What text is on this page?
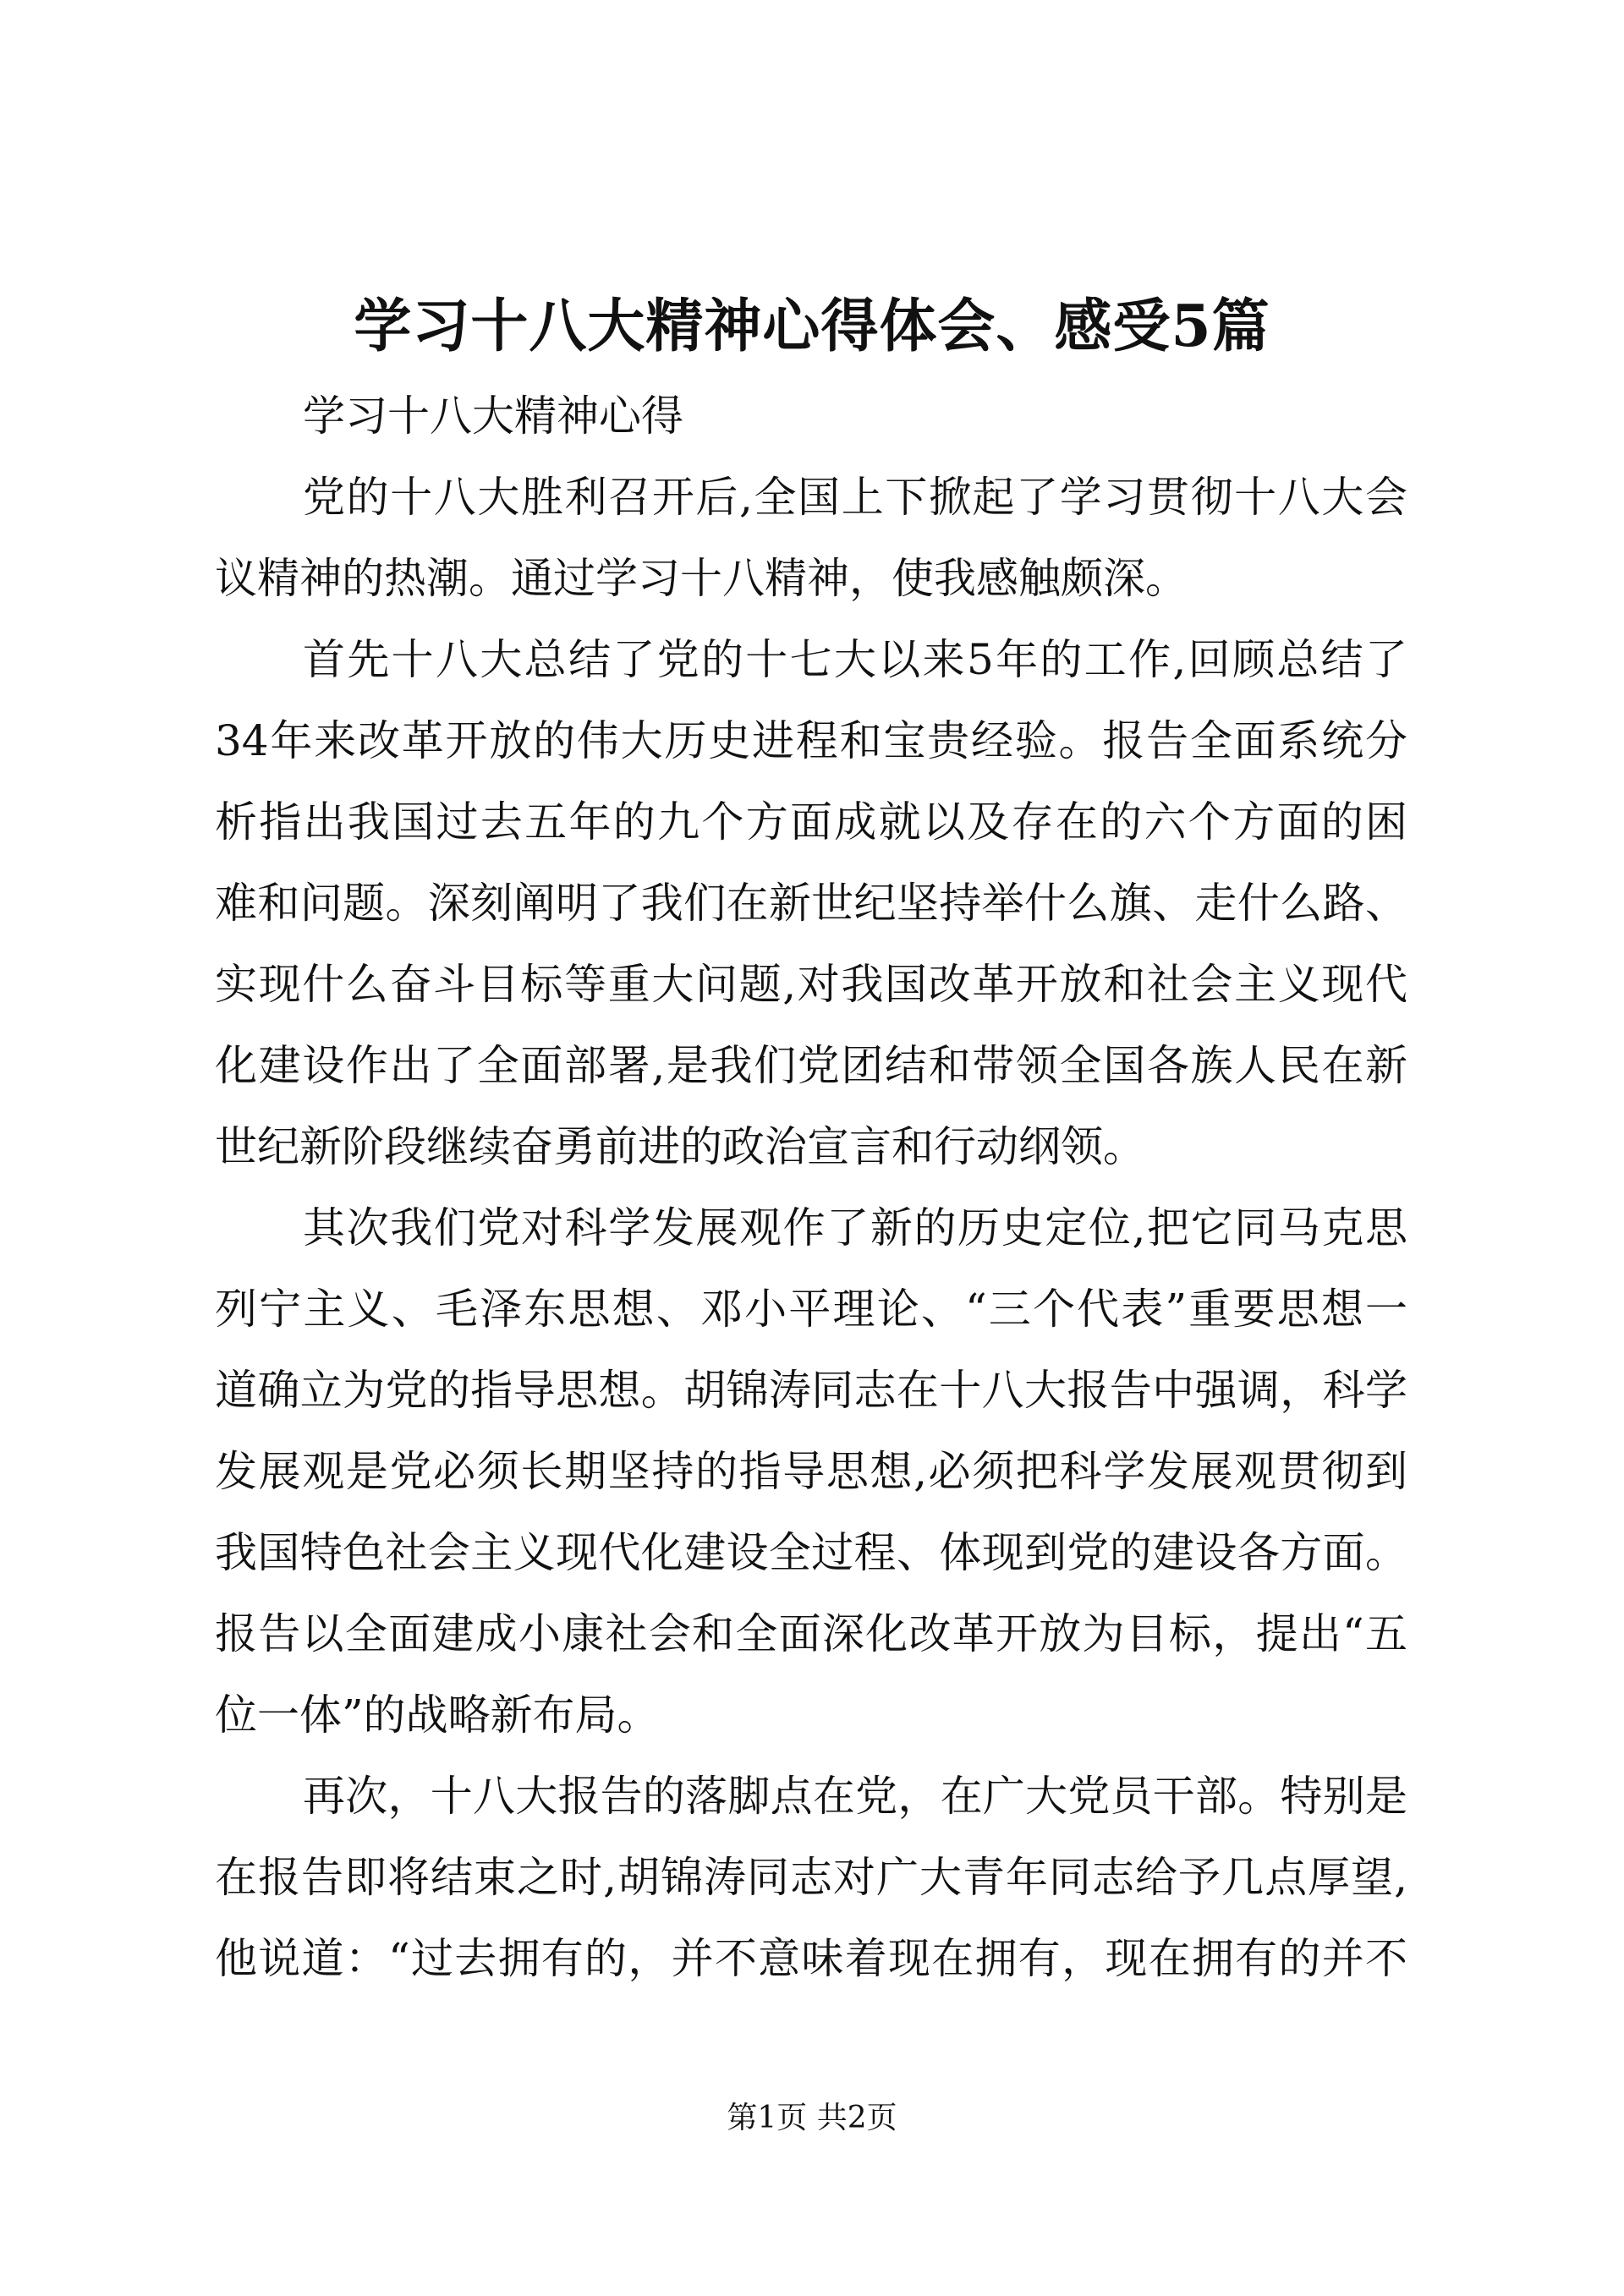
学习十八大精神心得体会、感受5篇
学习十八大精神心得
党的十八大胜利召开后,全国上下掀起了学习贯彻十八大会
议精神的热潮。通过学习十八精神，使我感触颇深。
首先十八大总结了党的十七大以来5年的工作,回顾总结了
34年来改革开放的伟大历史进程和宝贵经验。报告全面系统分
析指出我国过去五年的九个方面成就以及存在的六个方面的困
难和问题。深刻阐明了我们在新世纪坚持举什么旗、走什么路、
实现什么奋斗目标等重大问题,对我国改革开放和社会主义现代
化建设作出了全面部署,是我们党团结和带领全国各族人民在新
世纪新阶段继续奋勇前进的政治宣言和行动纲领。
其次我们党对科学发展观作了新的历史定位,把它同马克思
列宁主义、毛泽东思想、邓小平理论、“三个代表”重要思想一
道确立为党的指导思想。胡锦涛同志在十八大报告中强调，科学
发展观是党必须长期坚持的指导思想,必须把科学发展观贯彻到
我国特色社会主义现代化建设全过程、体现到党的建设各方面。
报告以全面建成小康社会和全面深化改革开放为目标，提出“五
位一体”的战略新布局。
再次，十八大报告的落脚点在党，在广大党员干部。特别是
在报告即将结束之时,胡锦涛同志对广大青年同志给予几点厚望,
他说道：“过去拥有的，并不意味着现在拥有，现在拥有的并不
第1页 共2页
